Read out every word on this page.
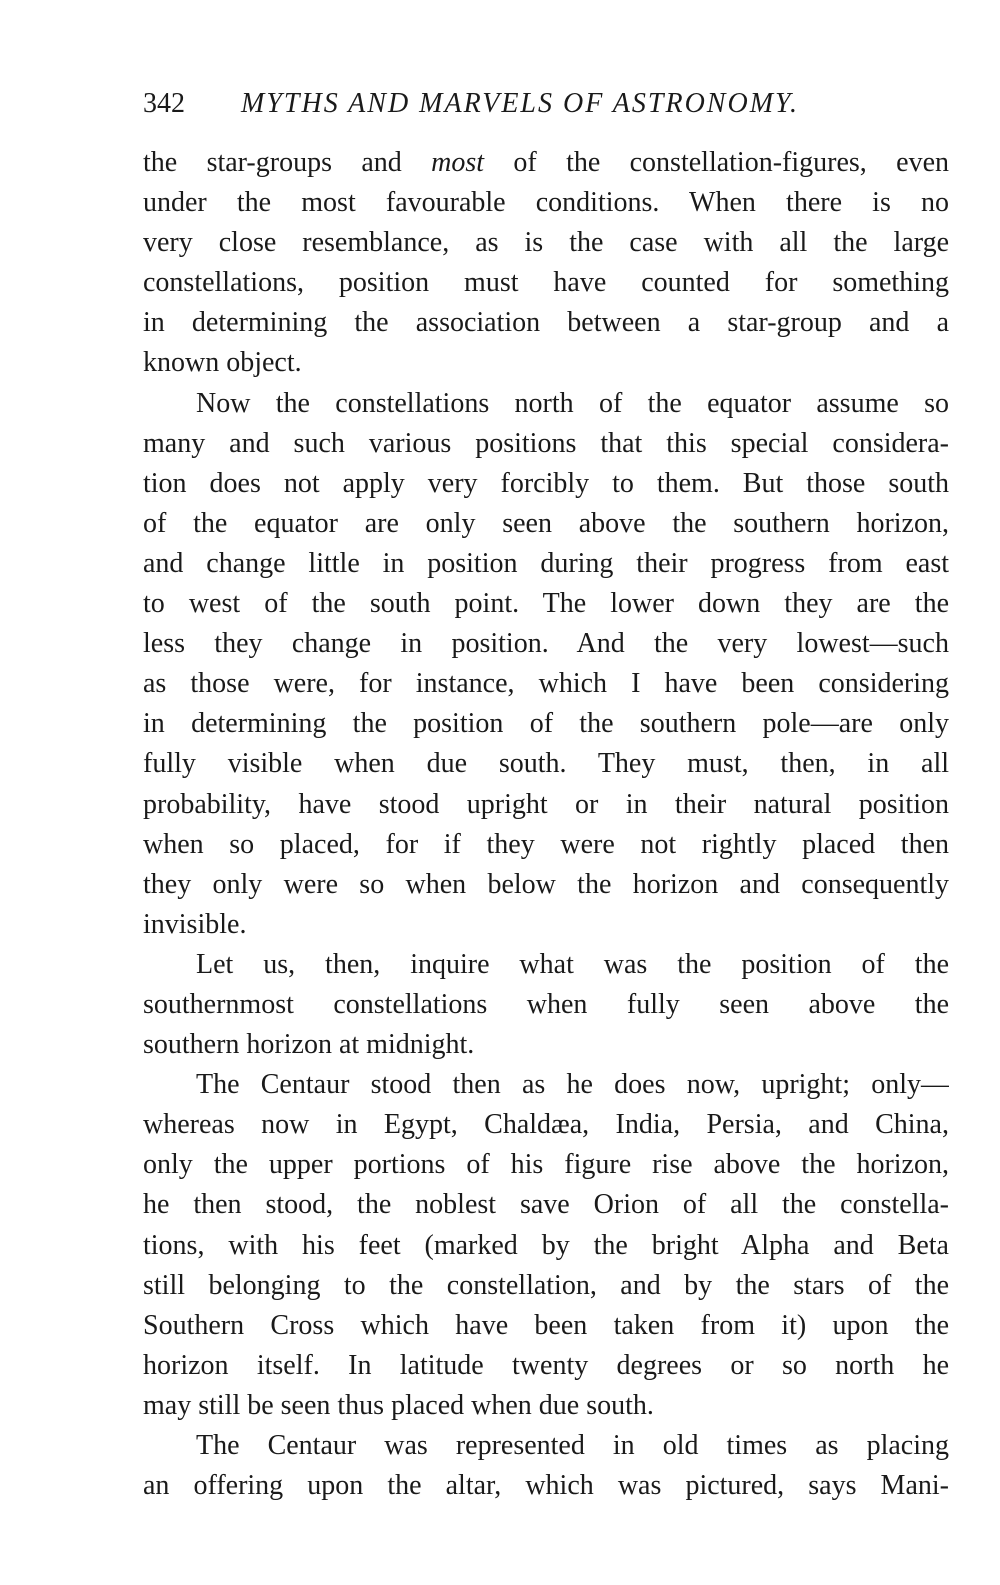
342 MYTHS AND MARVELS OF ASTRONOMY.
the star-groups and most of the constellation-figures, even
under the most favourable conditions. When there is no
very close resemblance, as is the case with all the large
constellations, position must have counted for something
in determining the association between a star-group and a
known object.
Now the constellations north of the equator assume so
many and such various positions that this special considera-
tion does not apply very forcibly to them. But those south
of the equator are only seen above the southern horizon,
and change little in position during their progress from east
to west of the south point. The lower down they are the
less they change in position. And the very lowest—such
as those were, for instance, which I have been considering
in determining the position of the southern pole—are only
fully visible when due south. They must, then, in all
probability, have stood upright or in their natural position
when so placed, for if they were not rightly placed then
they only were so when below the horizon and consequently
invisible.
Let us, then, inquire what was the position of the
southernmost constellations when fully seen above the
southern horizon at midnight.
The Centaur stood then as he does now, upright; only—
whereas now in Egypt, Chaldæa, India, Persia, and China,
only the upper portions of his figure rise above the horizon,
he then stood, the noblest save Orion of all the constella-
tions, with his feet (marked by the bright Alpha and Beta
still belonging to the constellation, and by the stars of the
Southern Cross which have been taken from it) upon the
horizon itself. In latitude twenty degrees or so north he
may still be seen thus placed when due south.
The Centaur was represented in old times as placing
an offering upon the altar, which was pictured, says Mani-
